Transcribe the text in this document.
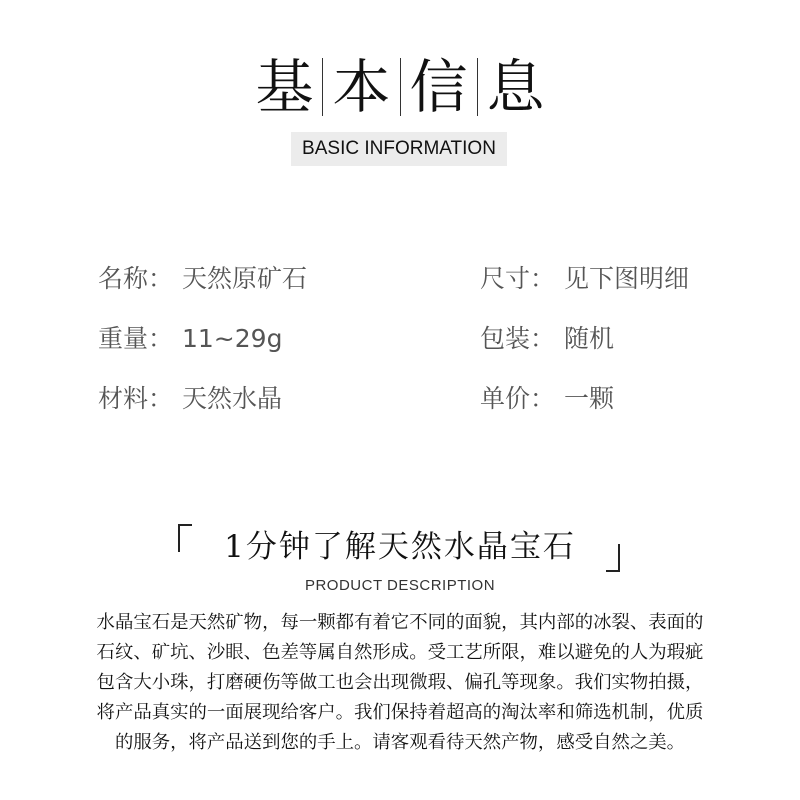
基 本 信 息
BASIC INFORMATION
名称： 天然原矿石	尺寸： 见下图明细
重量： 11~29g	包装： 随机
材料： 天然水晶	单价： 一颗
1分钟了解天然水晶宝石
PRODUCT DESCRIPTION
水晶宝石是天然矿物，每一颗都有着它不同的面貌，其内部的冰裂、表面的
石纹、矿坑、沙眼、色差等属自然形成。受工艺所限，难以避免的人为瑕疵
包含大小珠，打磨硬伤等做工也会出现微瑕、偏孔等现象。我们实物拍摄，
将产品真实的一面展现给客户。我们保持着超高的淘汰率和筛选机制，优质
的服务，将产品送到您的手上。请客观看待天然产物，感受自然之美。
